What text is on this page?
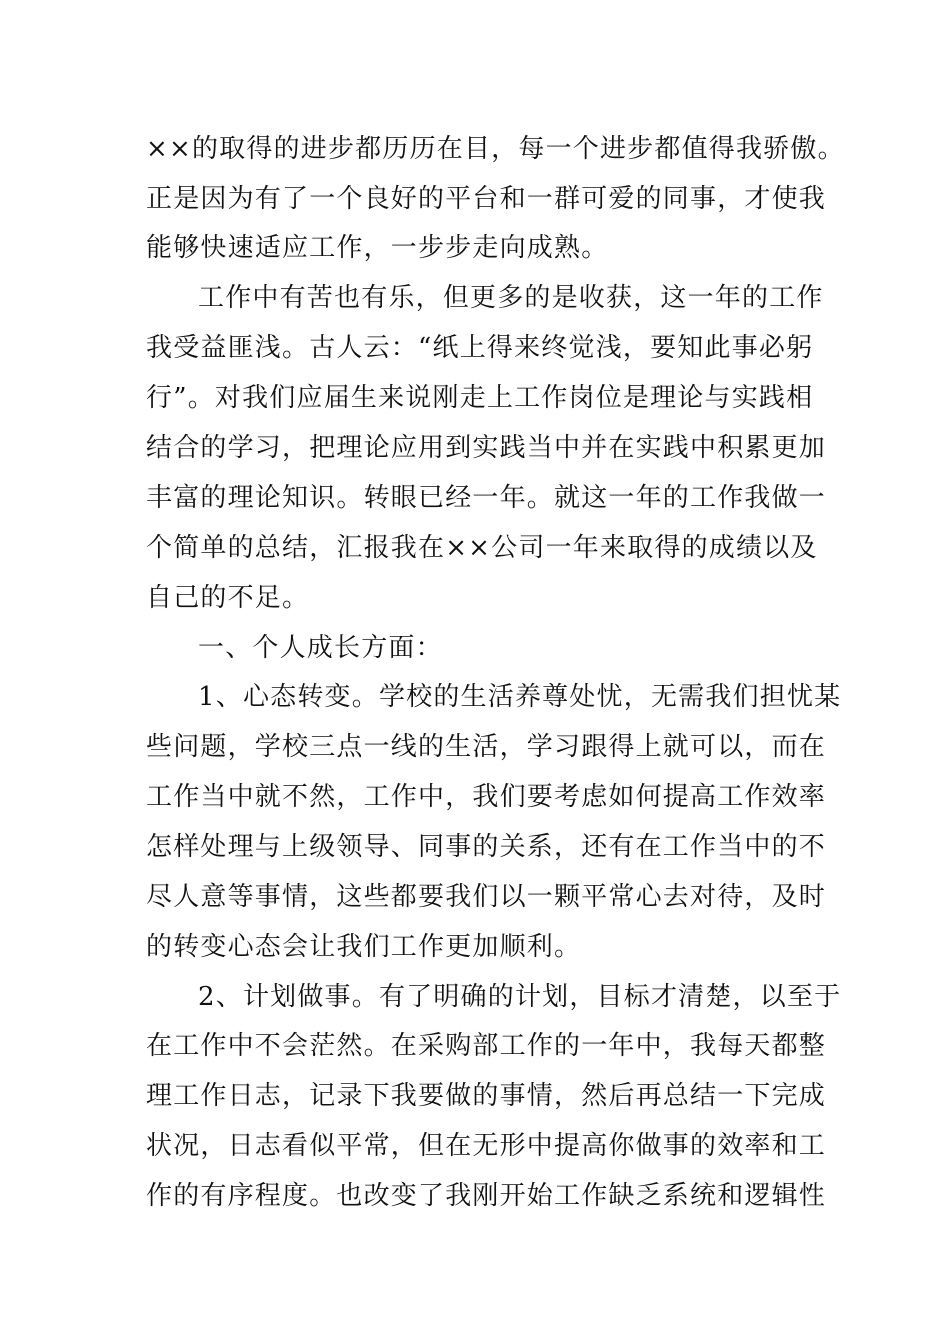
××的取得的进步都历历在目，每一个进步都值得我骄傲。
正是因为有了一个良好的平台和一群可爱的同事，才使我
能够快速适应工作，一步步走向成熟。
工作中有苦也有乐，但更多的是收获，这一年的工作
我受益匪浅。古人云：“纸上得来终觉浅，要知此事必躬
行”。对我们应届生来说刚走上工作岗位是理论与实践相
结合的学习，把理论应用到实践当中并在实践中积累更加
丰富的理论知识。转眼已经一年。就这一年的工作我做一
个简单的总结，汇报我在××公司一年来取得的成绩以及
自己的不足。
一、个人成长方面：
1、心态转变。学校的生活养尊处忧，无需我们担忧某
些问题，学校三点一线的生活，学习跟得上就可以，而在
工作当中就不然，工作中，我们要考虑如何提高工作效率
怎样处理与上级领导、同事的关系，还有在工作当中的不
尽人意等事情，这些都要我们以一颗平常心去对待，及时
的转变心态会让我们工作更加顺利。
2、计划做事。有了明确的计划，目标才清楚，以至于
在工作中不会茫然。在采购部工作的一年中，我每天都整
理工作日志，记录下我要做的事情，然后再总结一下完成
状况，日志看似平常，但在无形中提高你做事的效率和工
作的有序程度。也改变了我刚开始工作缺乏系统和逻辑性
